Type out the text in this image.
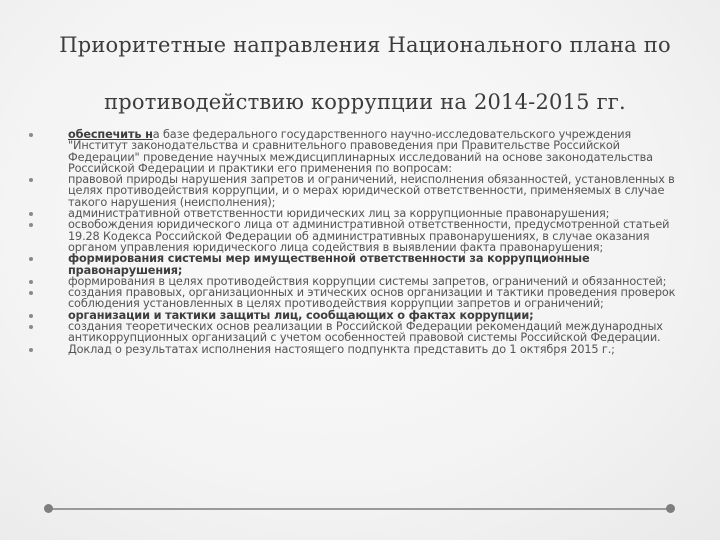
Приоритетные направления Национального плана по
противодействию коррупции на 2014-2015 гг.
обеспечить на базе федерального государственного научно-исследовательского учреждения "Институт законодательства и сравнительного правоведения при Правительстве Российской Федерации" проведение научных междисциплинарных исследований на основе законодательства Российской Федерации и практики его применения по вопросам:
правовой природы нарушения запретов и ограничений, неисполнения обязанностей, установленных в целях противодействия коррупции, и о мерах юридической ответственности, применяемых в случае такого нарушения (неисполнения);
административной ответственности юридических лиц за коррупционные правонарушения;
освобождения юридического лица от административной ответственности, предусмотренной статьей 19.28 Кодекса Российской Федерации об административных правонарушениях, в случае оказания органом управления юридического лица содействия в выявлении факта правонарушения;
формирования системы мер имущественной ответственности за коррупционные правонарушения;
формирования в целях противодействия коррупции системы запретов, ограничений и обязанностей;
создания правовых, организационных и этических основ организации и тактики проведения проверок соблюдения установленных в целях противодействия коррупции запретов и ограничений;
организации и тактики защиты лиц, сообщающих о фактах коррупции;
создания теоретических основ реализации в Российской Федерации рекомендаций международных антикоррупционных организаций с учетом особенностей правовой системы Российской Федерации.
Доклад о результатах исполнения настоящего подпункта представить до 1 октября 2015 г.;
